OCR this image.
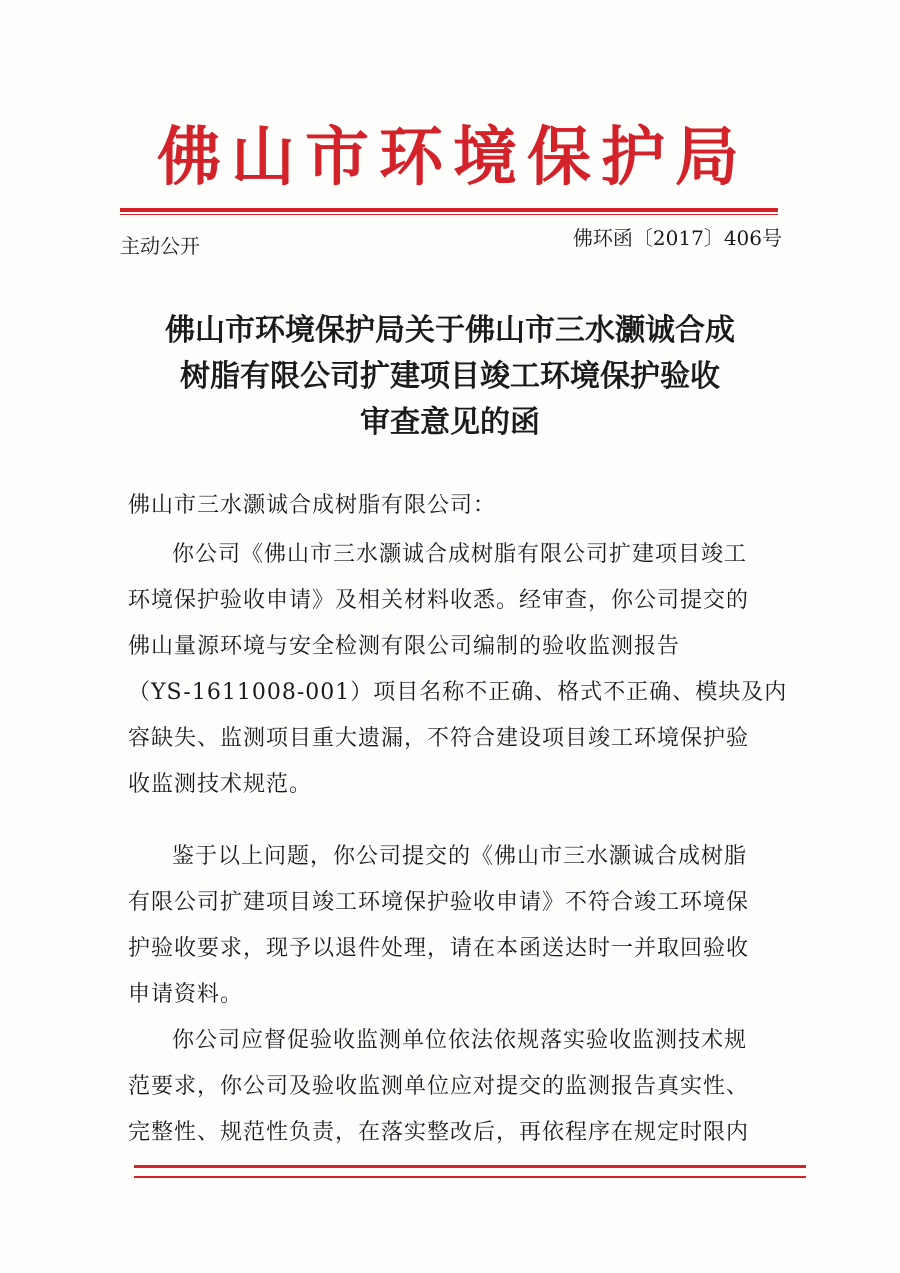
佛山市环境保护局
主动公开	佛环函〔2017〕406号
佛山市环境保护局关于佛山市三水灏诚合成
树脂有限公司扩建项目竣工环境保护验收
审查意见的函
佛山市三水灏诚合成树脂有限公司：
你公司《佛山市三水灏诚合成树脂有限公司扩建项目竣工
环境保护验收申请》及相关材料收悉。经审查，你公司提交的
佛山量源环境与安全检测有限公司编制的验收监测报告
（YS-1611008-001）项目名称不正确、格式不正确、模块及内
容缺失、监测项目重大遗漏，不符合建设项目竣工环境保护验
收监测技术规范。
鉴于以上问题，你公司提交的《佛山市三水灏诚合成树脂
有限公司扩建项目竣工环境保护验收申请》不符合竣工环境保
护验收要求，现予以退件处理，请在本函送达时一并取回验收
申请资料。
你公司应督促验收监测单位依法依规落实验收监测技术规
范要求，你公司及验收监测单位应对提交的监测报告真实性、
完整性、规范性负责，在落实整改后，再依程序在规定时限内
